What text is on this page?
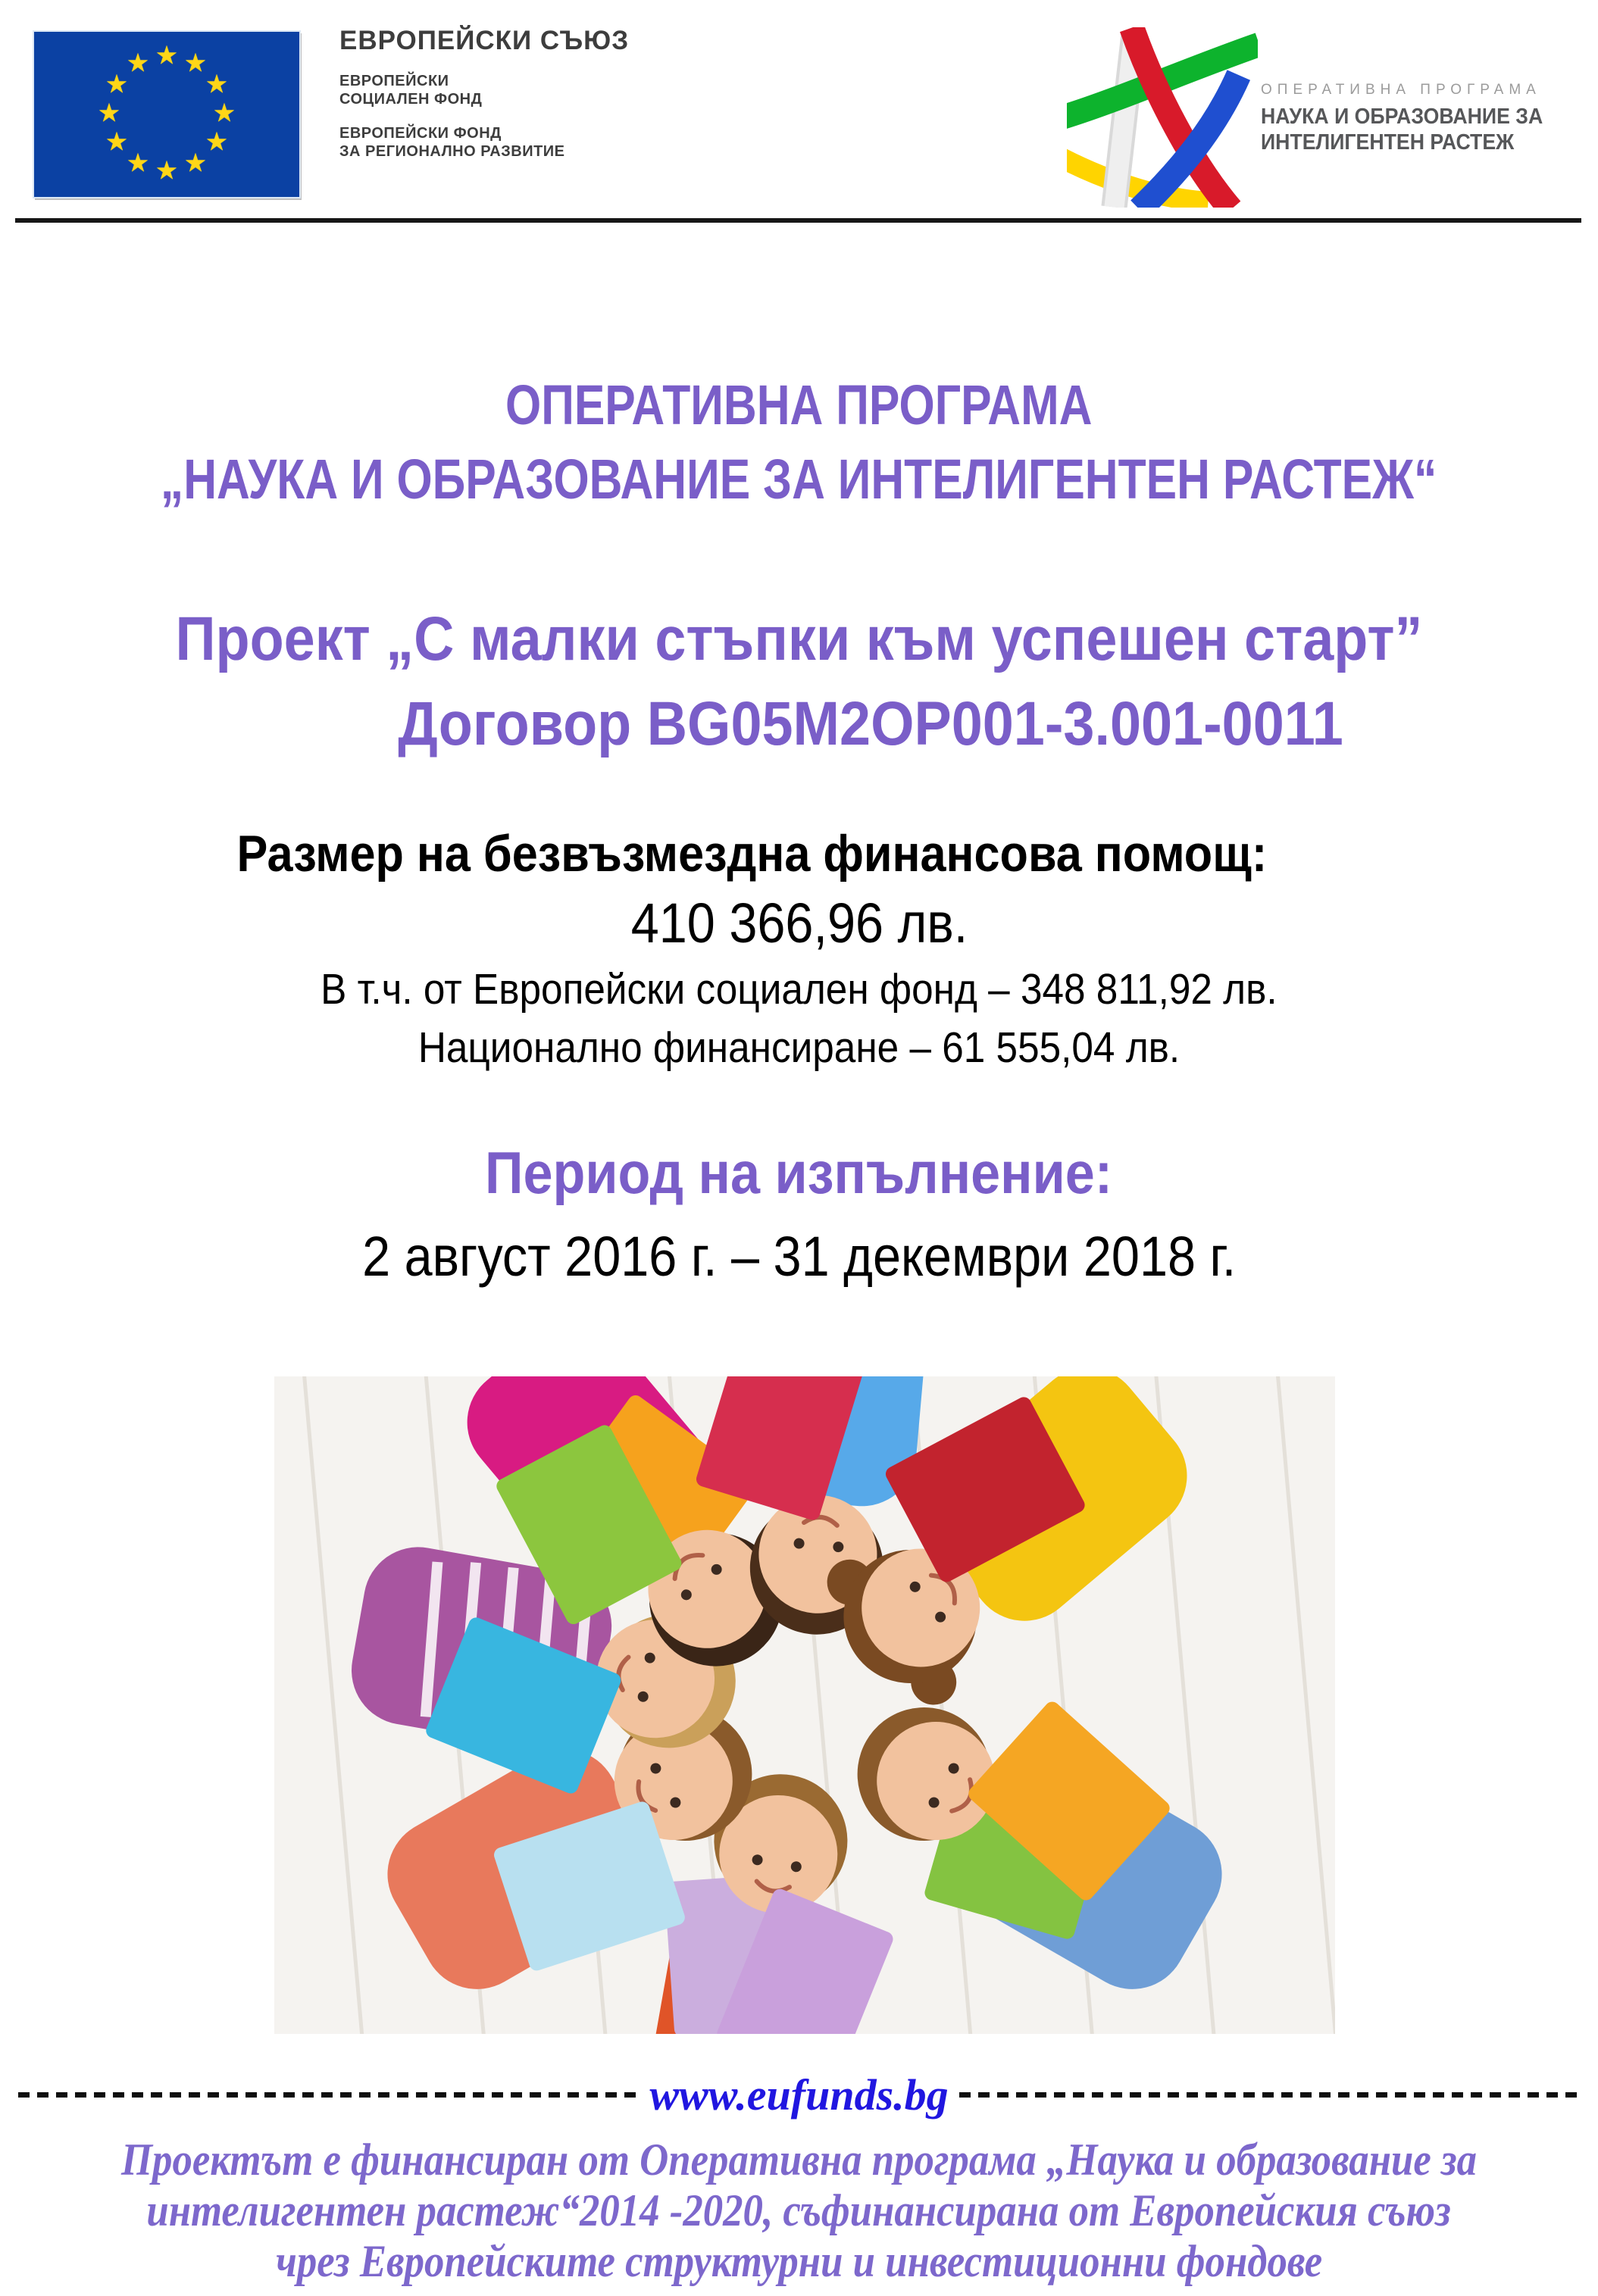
★ ★
★
★
★
★
★
★
★
★
★
★
ЕВРОПЕЙСКИ СЪЮЗ
ЕВРОПЕЙСКИ
СОЦИАЛЕН ФОНД
ЕВРОПЕЙСКИ ФОНД
ЗА РЕГИОНАЛНО РАЗВИТИЕ
ОПЕРАТИВНА ПРОГРАМА
НАУКА И ОБРАЗОВАНИЕ ЗА
ИНТЕЛИГЕНТЕН РАСТЕЖ
ОПЕРАТИВНА ПРОГРАМА
„НАУКА И ОБРАЗОВАНИЕ ЗА ИНТЕЛИГЕНТЕН РАСТЕЖ“
Проект „С малки стъпки към успешен старт”
Договор BG05M2OP001-3.001-0011
Размер на безвъзмездна финансова помощ:
410 366,96 лв.
В т.ч. от Европейски социален фонд – 348 811,92 лв.
Национално финансиране – 61 555,04 лв.
Период на изпълнение:
2 август 2016 г. – 31 декември 2018 г.
www.eufunds.bg
Проектът е финансиран от Оперативна програма „Наука и образование за
интелигентен растеж“2014 -2020, съфинансирана от Европейския съюз
чрез Европейските структурни и инвестиционни фондове
